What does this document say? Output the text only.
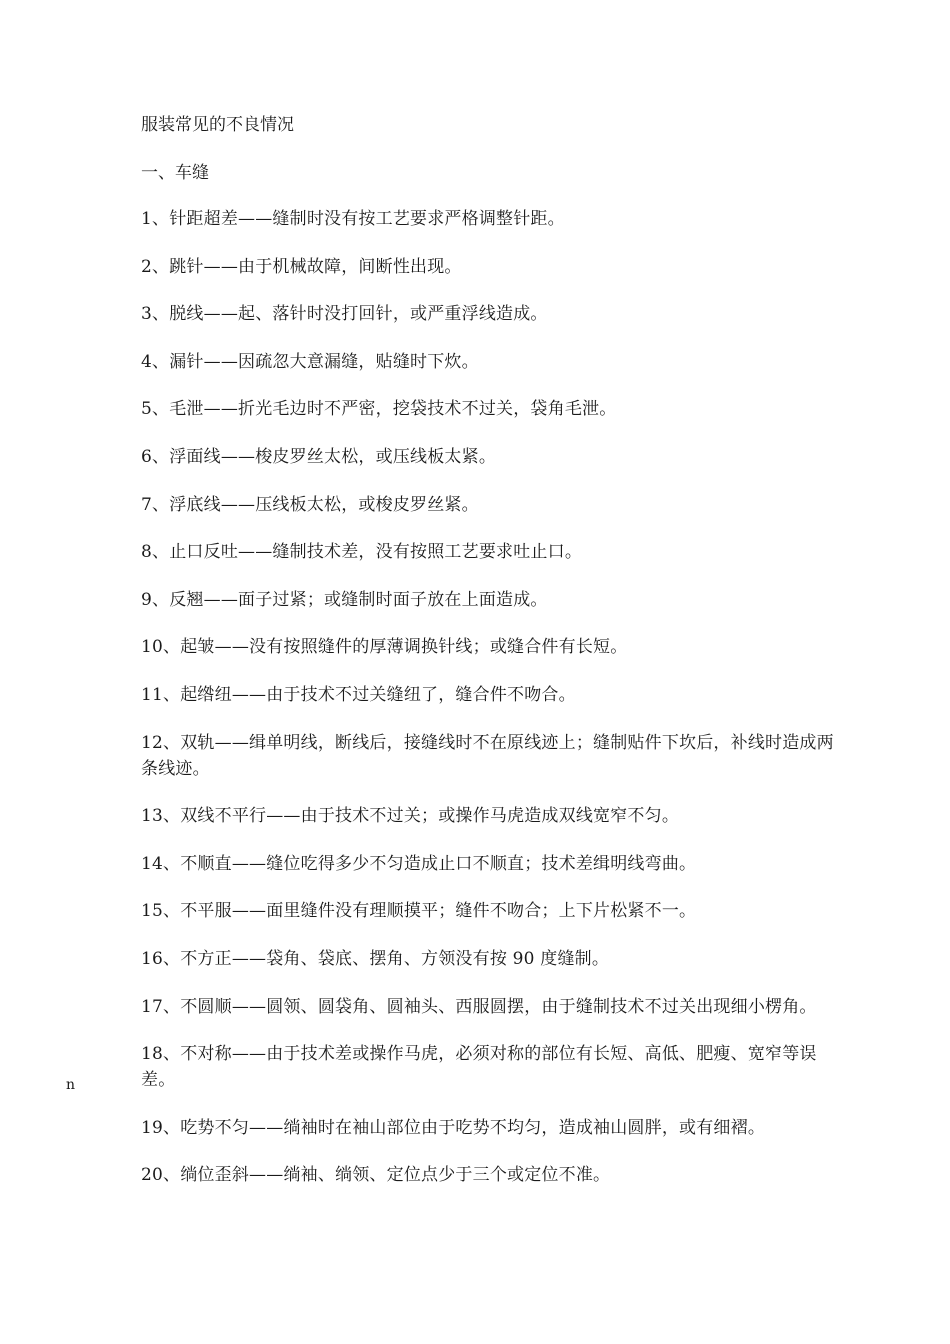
服装常见的不良情况

一、车缝

1、针距超差——缝制时没有按工艺要求严格调整针距。
2、跳针——由于机械故障，间断性出现。
3、脱线——起、落针时没打回针，或严重浮线造成。
4、漏针——因疏忽大意漏缝，贴缝时下炊。
5、毛泄——折光毛边时不严密，挖袋技术不过关，袋角毛泄。
6、浮面线——梭皮罗丝太松，或压线板太紧。
7、浮底线——压线板太松，或梭皮罗丝紧。
8、止口反吐——缝制技术差，没有按照工艺要求吐止口。
9、反翘——面子过紧；或缝制时面子放在上面造成。
10、起皱——没有按照缝件的厚薄调换针线；或缝合件有长短。
11、起绺纽——由于技术不过关缝纽了，缝合件不吻合。
12、双轨——缉单明线，断线后，接缝线时不在原线迹上；缝制贴件下坎后，补线时造成两条线迹。
13、双线不平行——由于技术不过关；或操作马虎造成双线宽窄不匀。
14、不顺直——缝位吃得多少不匀造成止口不顺直；技术差缉明线弯曲。
15、不平服——面里缝件没有理顺摸平；缝件不吻合；上下片松紧不一。
16、不方正——袋角、袋底、摆角、方领没有按 90 度缝制。
17、不圆顺——圆领、圆袋角、圆袖头、西服圆摆，由于缝制技术不过关出现细小楞角。
18、不对称——由于技术差或操作马虎，必须对称的部位有长短、高低、肥瘦、宽窄等误差。
19、吃势不匀——绱袖时在袖山部位由于吃势不均匀，造成袖山圆胖，或有细褶。
20、绱位歪斜——绱袖、绱领、定位点少于三个或定位不准。
n
